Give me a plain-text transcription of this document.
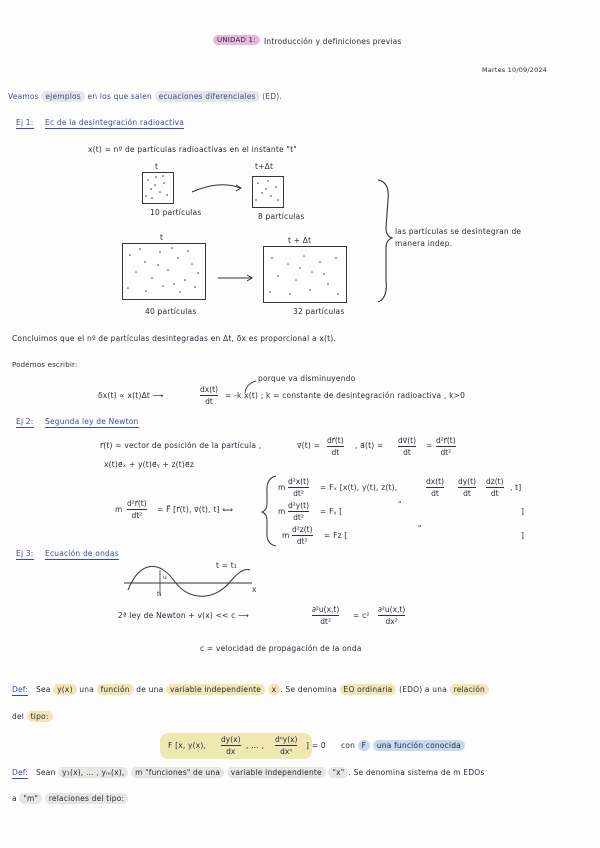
UNIDAD 1:	Introducción y definiciones previas
Martes 10/09/2024
Veamos ejemplos en los que salen ecuaciones diferenciales (ED).
Ej 1: Ec de la desintegración radioactiva
x(t) = nº de partículas radioactivas en el instante "t"
t	t+Δt
10 partículas	8 partículas
t	t + Δt
40 partículas	32 partículas
las partículas se desintegran de manera indep.
Concluimos que el nº de partículas desintegradas en Δt, δx es proporcional a x(t).
Podemos escribir:
porque va disminuyendo
δx(t) ∝ x(t)Δt ⟶
dx(t)
dt
= -k x(t) ; k = constante de desintegración radioactiva , k>0
Ej 2: Segunda ley de Newton
r⃗(t) = vector de posición de la partícula ,	v⃗(t) =
dr⃗(t)
dt
, a⃗(t) =
dv⃗(t)
dt
=
d²r⃗(t)
dt²
x(t)e⃗ₓ + y(t)e⃗ᵧ + z(t)e⃗z
m
d²r⃗(t)
dt²
= F⃗ [r⃗(t), v⃗(t), t] ⟺
m
d²x(t)
dt²
= Fₓ [x(t), y(t), z(t),
dx(t)
dt
dy(t)
dt
dz(t)
dt
, t]
m
d²y(t)
dt²
= Fᵧ [
"
]
m
d²z(t)
dt²
= Fz [
"
]
Ej 3: Ecuación de ondas
t = t₁
x
t₁
u
2ª ley de Newton + v(x) << c ⟶
∂²u(x,t)
dt²
= c²
∂²u(x,t)
dx²
c = velocidad de propagación de la onda
Def: Sea y(x) una función de una variable independiente x . Se denomina EO ordinaria (EDO) a una relación
del tipo:
F [x, y(x),
dy(x)
dx
, … ,
dⁿy(x)
dxⁿ
] = 0 con F una función conocida
Def: Sean y₁(x), … , yₘ(x), m "funciones" de una variable independiente "x" . Se denomina sistema de m EDOs
a "m" relaciones del tipo:
